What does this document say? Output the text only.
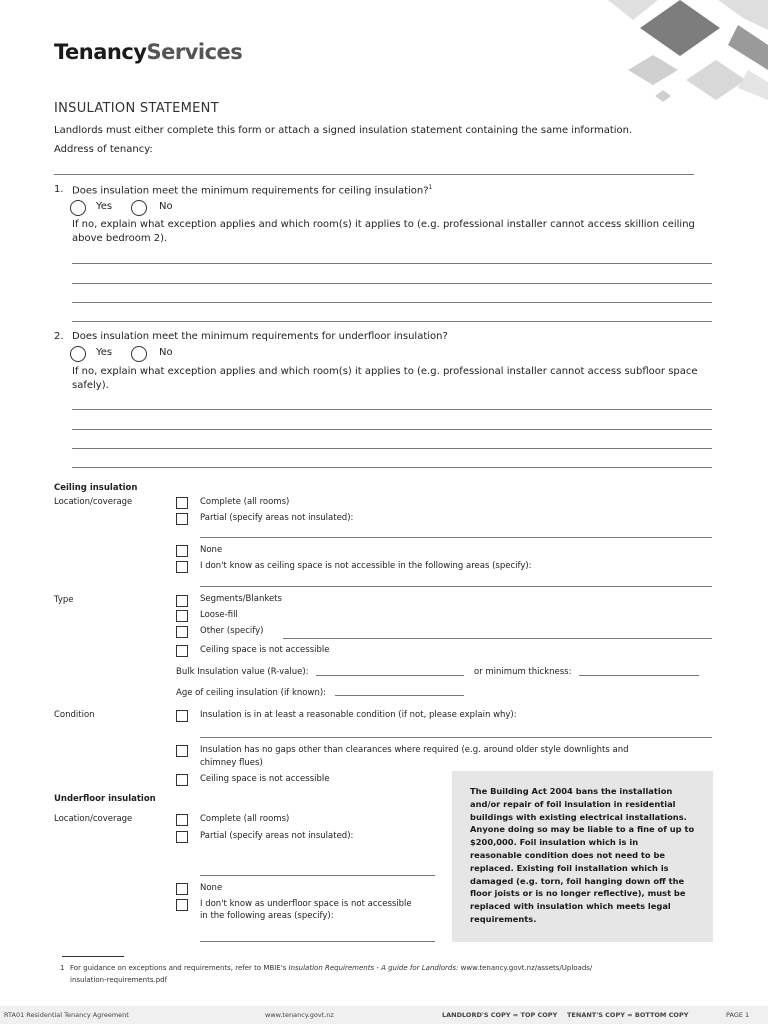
TenancyServices
INSULATION STATEMENT
Landlords must either complete this form or attach a signed insulation statement containing the same information.
Address of tenancy:
1. Does insulation meet the minimum requirements for ceiling insulation?$^1$
Yes	No
If no, explain what exception applies and which room(s) it applies to (e.g. professional installer cannot access skillion ceiling
above bedroom 2).
2. Does insulation meet the minimum requirements for underfloor insulation?
Yes	No
If no, explain what exception applies and which room(s) it applies to (e.g. professional installer cannot access subfloor space
safely).
Ceiling insulation
Location/coverage	Complete (all rooms)
Partial (specify areas not insulated):
None
I don't know as ceiling space is not accessible in the following areas (specify):
Type	Segments/Blankets
Loose-fill
Other (specify)
Ceiling space is not accessible
Bulk Insulation value (R-value):	or minimum thickness:
Age of ceiling insulation (if known):
Condition	Insulation is in at least a reasonable condition (if not, please explain why):
Insulation has no gaps other than clearances where required (e.g. around older style downlights and
chimney flues)
Ceiling space is not accessible
Underfloor insulation
Location/coverage	Complete (all rooms)
Partial (specify areas not insulated):
None
I don't know as underfloor space is not accessible
in the following areas (specify):
The Building Act 2004 bans the installation
and/or repair of foil insulation in residential
buildings with existing electrical installations.
Anyone doing so may be liable to a fine of up to
$200,000. Foil insulation which is in
reasonable condition does not need to be
replaced. Existing foil installation which is
damaged (e.g. torn, foil hanging down off the
floor joists or is no longer reflective), must be
replaced with insulation which meets legal
requirements.
1 For guidance on exceptions and requirements, refer to MBIE's Insulation Requirements - A guide for Landlords: www.tenancy.govt.nz/assets/Uploads/
insulation-requirements.pdf
RTA01 Residential Tenancy Agreement	www.tenancy.govt.nz	LANDLORD'S COPY = TOP COPY TENANT'S COPY = BOTTOM COPY	PAGE 1
